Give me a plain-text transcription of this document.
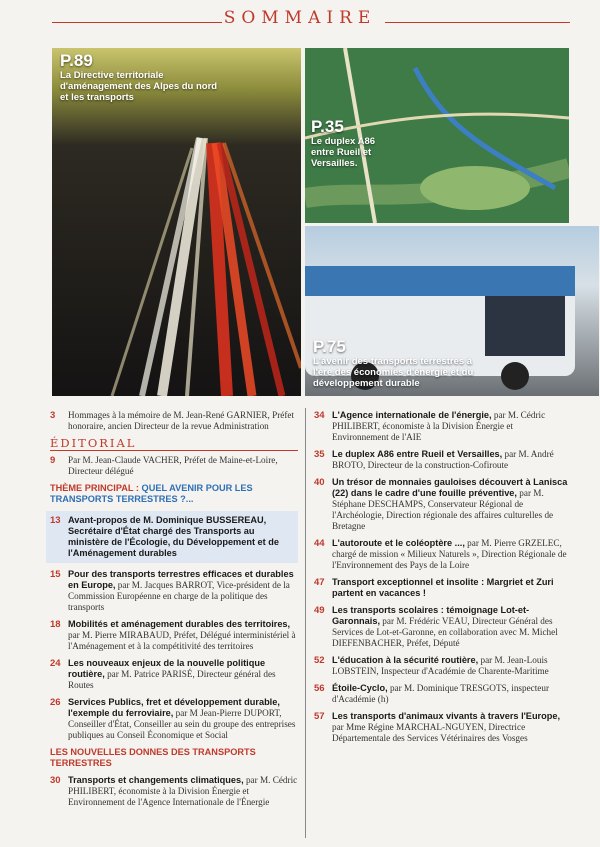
SOMMAIRE
P.89
La Directive territoriale d'aménagement des Alpes du nord et les transports
P.35
Le duplex A86 entre Rueil et Versailles.
P.75
L'avenir des transports terrestres à l'ère des économies d'énergie et du développement durable
3 Hommages à la mémoire de M. Jean-René GARNIER, Préfet honoraire, ancien Directeur de la revue Administration
ÉDITORIAL
9 Par M. Jean-Claude VACHER, Préfet de Maine-et-Loire, Directeur délégué
THÈME PRINCIPAL : QUEL AVENIR POUR LES TRANSPORTS TERRESTRES ?...
13 Avant-propos de M. Dominique BUSSEREAU, Secrétaire d'État chargé des Transports au ministère de l'Écologie, du Développement et de l'Aménagement durables
15 Pour des transports terrestres efficaces et durables en Europe, par M. Jacques BARROT, Vice-président de la Commission Européenne en charge de la politique des transports
18 Mobilités et aménagement durables des territoires, par M. Pierre MIRABAUD, Préfet, Délégué interministériel à l'Aménagement et à la compétitivité des territoires
24 Les nouveaux enjeux de la nouvelle politique routière, par M. Patrice PARISÉ, Directeur général des Routes
26 Services Publics, fret et développement durable, l'exemple du ferroviaire, par M Jean-Pierre DUPORT, Conseiller d'État, Conseiller au sein du groupe des entreprises publiques au Conseil Économique et Social
LES NOUVELLES DONNES DES TRANSPORTS TERRESTRES
30 Transports et changements climatiques, par M. Cédric PHILIBERT, économiste à la Division Énergie et Environnement de l'Agence Internationale de l'Énergie
34 L'Agence internationale de l'énergie, par M. Cédric PHILIBERT, économiste à la Division Énergie et Environnement de l'AIE
35 Le duplex A86 entre Rueil et Versailles, par M. André BROTO, Directeur de la construction-Cofiroute
40 Un trésor de monnaies gauloises découvert à Lanisca (22) dans le cadre d'une fouille préventive, par M. Stéphane DESCHAMPS, Conservateur Régional de l'Archéologie, Direction régionale des affaires culturelles de Bretagne
44 L'autoroute et le coléoptère ..., par M. Pierre GRZELEC, chargé de mission « Milieux Naturels », Direction Régionale de l'Environnement des Pays de la Loire
47 Transport exceptionnel et insolite : Margriet et Zuri partent en vacances !
49 Les transports scolaires : témoignage Lot-et-Garonnais, par M. Frédéric VEAU, Directeur Général des Services de Lot-et-Garonne, en collaboration avec M. Michel DIEFENBACHER, Préfet, Député
52 L'éducation à la sécurité routière, par M. Jean-Louis LOBSTEIN, Inspecteur d'Académie de Charente-Maritime
56 Étoile-Cyclo, par M. Dominique TRESGOTS, inspecteur d'Académie (h)
57 Les transports d'animaux vivants à travers l'Europe, par Mme Régine MARCHAL-NGUYEN, Directrice Départementale des Services Vétérinaires des Vosges
